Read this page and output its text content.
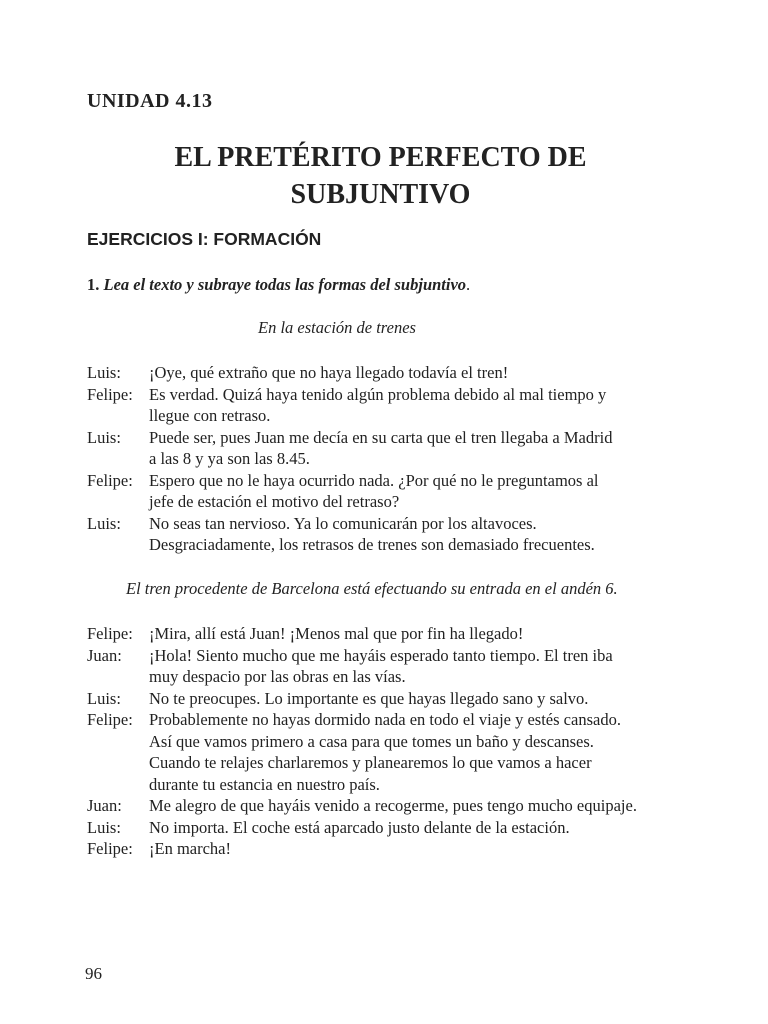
UNIDAD 4.13
EL PRETÉRITO PERFECTO DE
SUBJUNTIVO
EJERCICIOS I: FORMACIÓN
1. Lea el texto y subraye todas las formas del subjuntivo.
En la estación de trenes
Luis:	¡Oye, qué extraño que no haya llegado todavía el tren!
Felipe: Es verdad. Quizá haya tenido algún problema debido al mal tiempo y
llegue con retraso.
Luis:	Puede ser, pues Juan me decía en su carta que el tren llegaba a Madrid
a las 8 y ya son las 8.45.
Felipe: Espero que no le haya ocurrido nada. ¿Por qué no le preguntamos al
jefe de estación el motivo del retraso?
Luis:	No seas tan nervioso. Ya lo comunicarán por los altavoces.
Desgraciadamente, los retrasos de trenes son demasiado frecuentes.
El tren procedente de Barcelona está efectuando su entrada en el andén 6.
Felipe: ¡Mira, allí está Juan! ¡Menos mal que por fin ha llegado!
Juan:	¡Hola! Siento mucho que me hayáis esperado tanto tiempo. El tren iba
muy despacio por las obras en las vías.
Luis:	No te preocupes. Lo importante es que hayas llegado sano y salvo.
Felipe: Probablemente no hayas dormido nada en todo el viaje y estés cansado.
Así que vamos primero a casa para que tomes un baño y descanses.
Cuando te relajes charlaremos y planearemos lo que vamos a hacer
durante tu estancia en nuestro país.
Juan:	Me alegro de que hayáis venido a recogerme, pues tengo mucho equipaje.
Luis:	No importa. El coche está aparcado justo delante de la estación.
Felipe: ¡En marcha!
96
